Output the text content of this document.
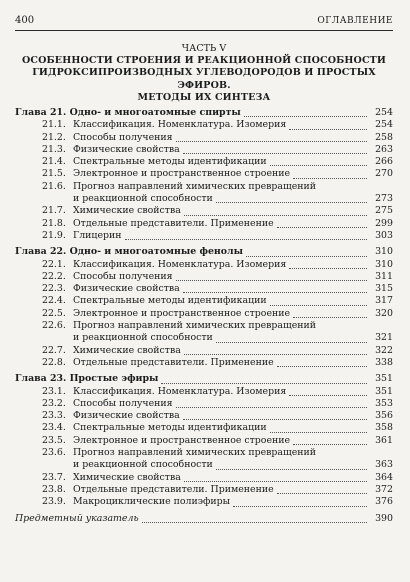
400	ОГЛАВЛЕНИЕ
ЧАСТЬ V
ОСОБЕННОСТИ СТРОЕНИЯ И РЕАКЦИОННОЙ СПОСОБНОСТИ
ГИДРОКСИПРОИЗВОДНЫХ УГЛЕВОДОРОДОВ И ПРОСТЫХ ЭФИРОВ.
МЕТОДЫ ИХ СИНТЕЗА
Глава 21. Одно- и многоатомные спирты	254
21.1. Классификация. Номенклатура. Изомерия	254
21.2. Способы получения	258
21.3. Физические свойства	263
21.4. Спектральные методы идентификации	266
21.5. Электронное и пространственное строение	270
21.6. Прогноз направлений химических превращений
и реакционной способности	273
21.7. Химические свойства	275
21.8. Отдельные представители. Применение	299
21.9. Глицерин	303
Глава 22. Одно- и многоатомные фенолы	310
22.1. Классификация. Номенклатура. Изомерия	310
22.2. Способы получения	311
22.3. Физические свойства	315
22.4. Спектральные методы идентификации	317
22.5. Электронное и пространственное строение	320
22.6. Прогноз направлений химических превращений
и реакционной способности	321
22.7. Химические свойства	322
22.8. Отдельные представители. Применение	338
Глава 23. Простые эфиры	351
23.1. Классификация. Номенклатура. Изомерия	351
23.2. Способы получения	353
23.3. Физические свойства	356
23.4. Спектральные методы идентификации	358
23.5. Электронное и пространственное строение	361
23.6. Прогноз направлений химических превращений
и реакционной способности	363
23.7. Химические свойства	364
23.8. Отдельные представители. Применение	372
23.9. Макроциклические полиэфиры	376
Предметный указатель	390
